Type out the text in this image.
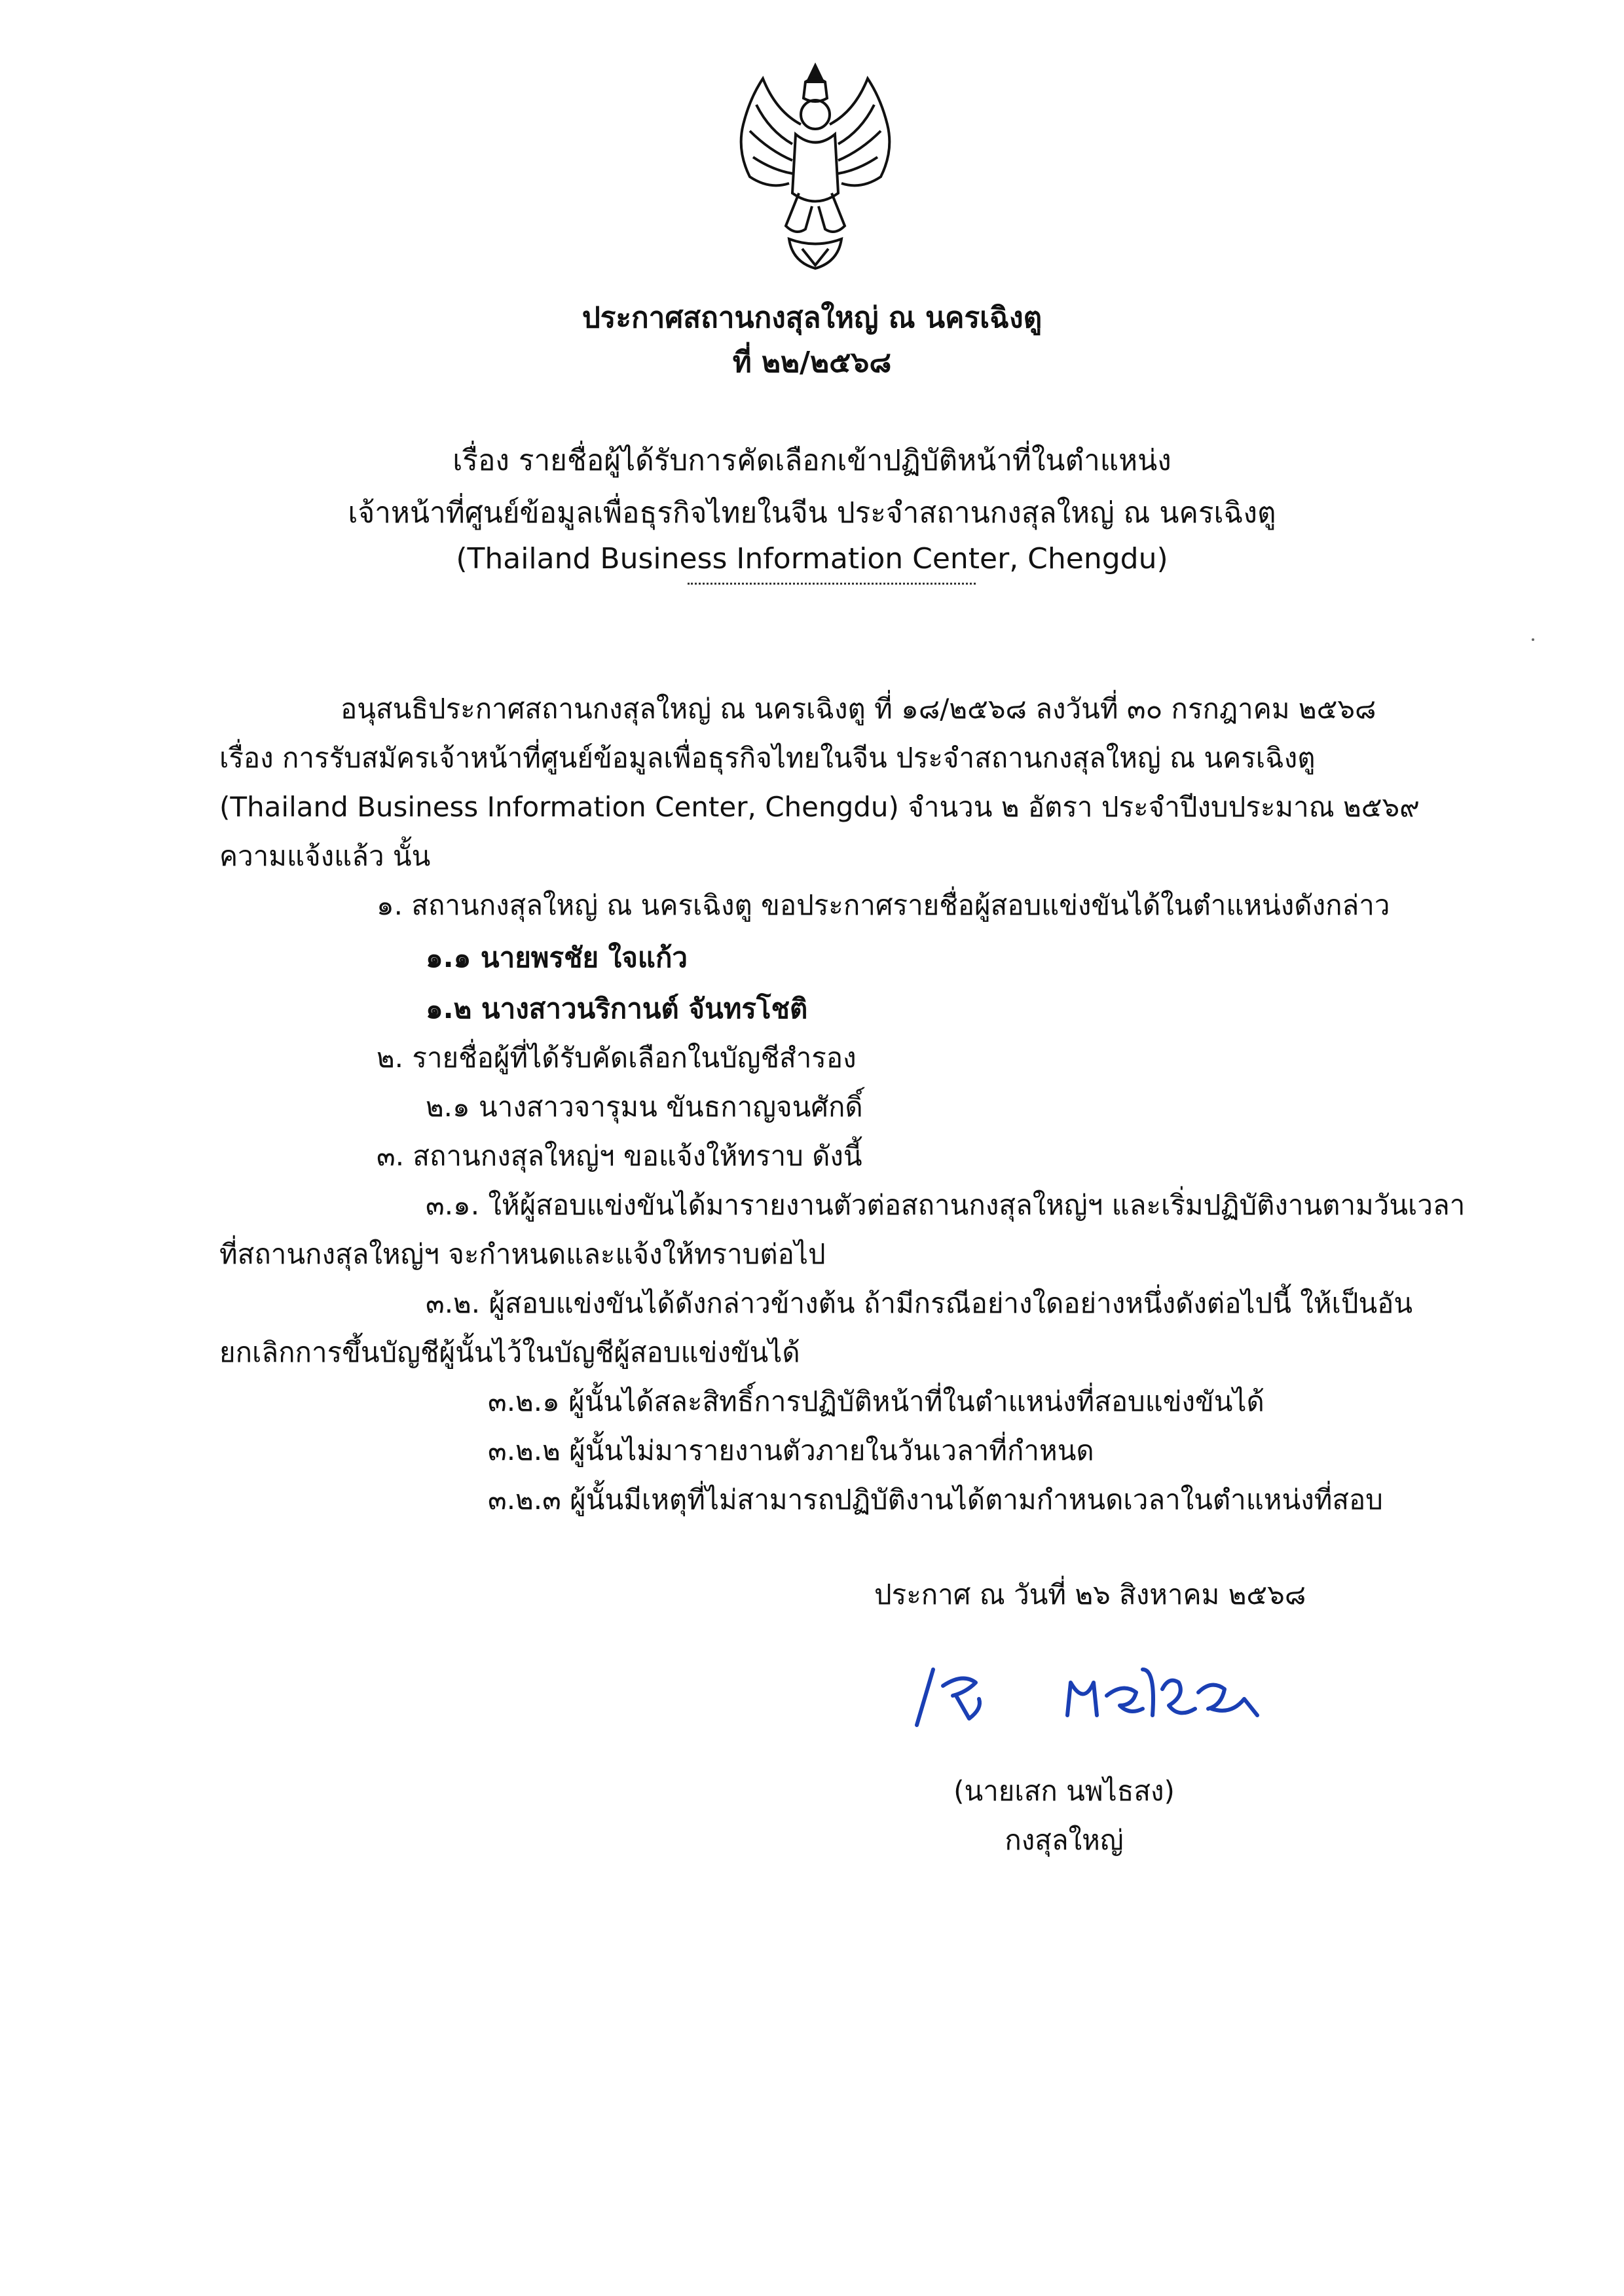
ประกาศสถานกงสุลใหญ่ ณ นครเฉิงตู
ที่ ๒๒/๒๕๖๘
เรื่อง รายชื่อผู้ได้รับการคัดเลือกเข้าปฏิบัติหน้าที่ในตำแหน่ง
เจ้าหน้าที่ศูนย์ข้อมูลเพื่อธุรกิจไทยในจีน ประจำสถานกงสุลใหญ่ ณ นครเฉิงตู
(Thailand Business Information Center, Chengdu)
อนุสนธิประกาศสถานกงสุลใหญ่ ณ นครเฉิงตู ที่ ๑๘/๒๕๖๘ ลงวันที่ ๓๐ กรกฎาคม ๒๕๖๘
เรื่อง การรับสมัครเจ้าหน้าที่ศูนย์ข้อมูลเพื่อธุรกิจไทยในจีน ประจำสถานกงสุลใหญ่ ณ นครเฉิงตู
(Thailand Business Information Center, Chengdu) จำนวน ๒ อัตรา ประจำปีงบประมาณ ๒๕๖๙
ความแจ้งแล้ว นั้น
๑. สถานกงสุลใหญ่ ณ นครเฉิงตู ขอประกาศรายชื่อผู้สอบแข่งขันได้ในตำแหน่งดังกล่าว
๑.๑ นายพรชัย ใจแก้ว
๑.๒ นางสาวนริกานต์ จันทรโชติ
๒. รายชื่อผู้ที่ได้รับคัดเลือกในบัญชีสำรอง
๒.๑ นางสาวจารุมน ขันธกาญจนศักดิ์
๓. สถานกงสุลใหญ่ฯ ขอแจ้งให้ทราบ ดังนี้
๓.๑. ให้ผู้สอบแข่งขันได้มารายงานตัวต่อสถานกงสุลใหญ่ฯ และเริ่มปฏิบัติงานตามวันเวลา
ที่สถานกงสุลใหญ่ฯ จะกำหนดและแจ้งให้ทราบต่อไป
๓.๒. ผู้สอบแข่งขันได้ดังกล่าวข้างต้น ถ้ามีกรณีอย่างใดอย่างหนึ่งดังต่อไปนี้ ให้เป็นอัน
ยกเลิกการขึ้นบัญชีผู้นั้นไว้ในบัญชีผู้สอบแข่งขันได้
๓.๒.๑ ผู้นั้นได้สละสิทธิ์การปฏิบัติหน้าที่ในตำแหน่งที่สอบแข่งขันได้
๓.๒.๒ ผู้นั้นไม่มารายงานตัวภายในวันเวลาที่กำหนด
๓.๒.๓ ผู้นั้นมีเหตุที่ไม่สามารถปฏิบัติงานได้ตามกำหนดเวลาในตำแหน่งที่สอบ
ประกาศ ณ วันที่ ๒๖ สิงหาคม ๒๕๖๘
(นายเสก นพไธสง)
กงสุลใหญ่
